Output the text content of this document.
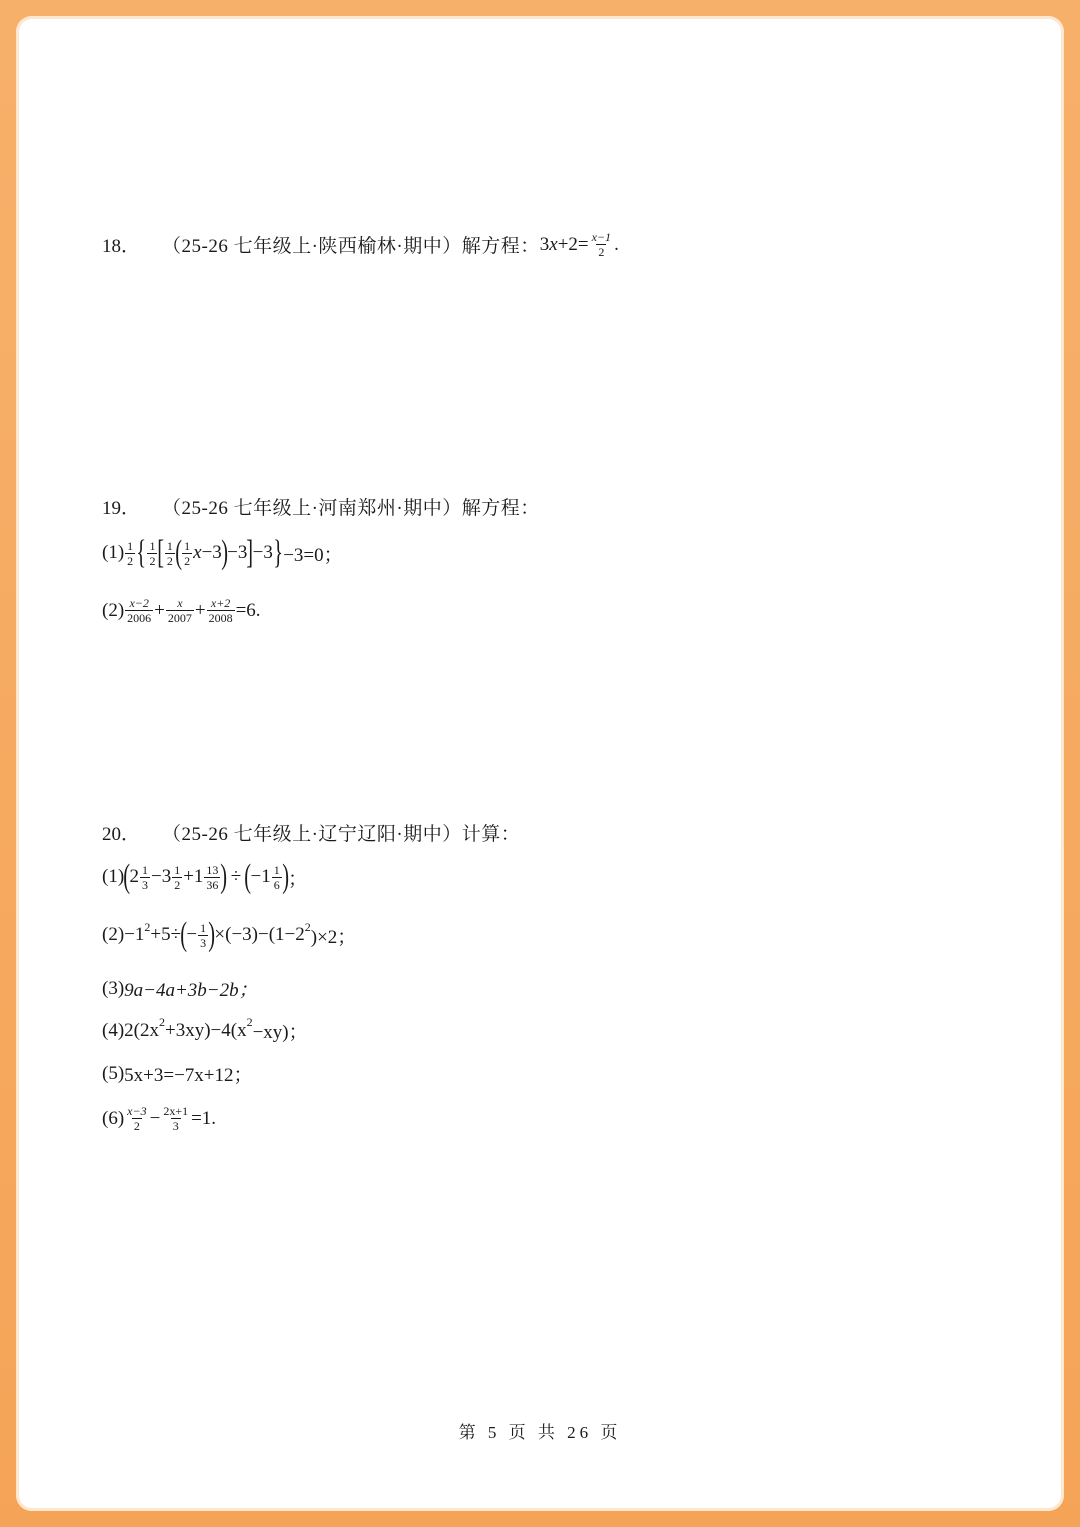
18． （25-26 七年级上·陕西榆林·期中）解方程： 3 $x +2= \frac{x-1}{2}$ .
19． （25-26 七年级上·河南郑州·期中）解方程：
$(1) \frac{1}{2}$ { $\frac{1}{2}$ [ $\frac{1}{2}$ ( $\frac{1}{2}$ x −3 ) −3 ] −3 } −3=0；
$(2) \frac{x-2}{2006} + \frac{x}{2007} + \frac{x+2}{2008} =6$.
20． （25-26 七年级上·辽宁辽阳·期中）计算：
(1) ( $2 \frac{1}{3} -3 \frac{1}{2} +1 \frac{13}{36}$ ) ÷ ( $-1 \frac{1}{6}$ ) ；
(2) −1 2 +5÷ ( − $\frac{1}{3}$ ) ×(−3)−(1−2 2 )×2；
(3) 9a−4a+3b−2b；
(4) 2(2x 2 +3xy)−4(x 2 −xy)；
(5) 5x+3=−7x+12；
$(6) \frac{x-3}{2} - \frac{2x+1}{3} =1$.
第 5 页 共 26 页
